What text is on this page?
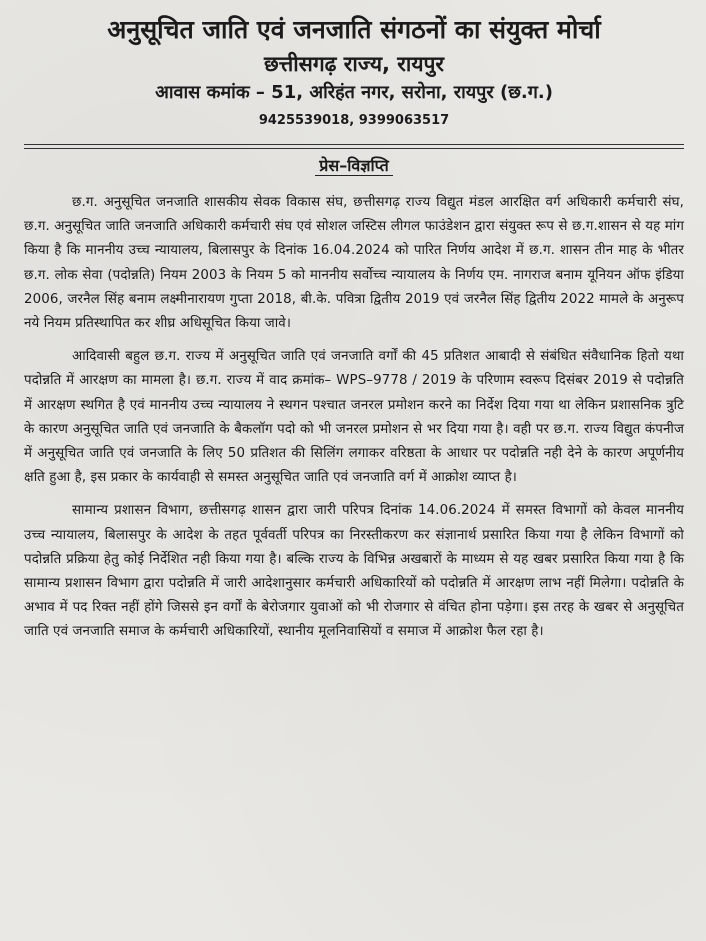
अनुसूचित जाति एवं जनजाति संगठनों का संयुक्त मोर्चा

छत्तीसगढ़ राज्य, रायपुर

आवास कमांक – 51, अरिहंत नगर, सरोना, रायपुर (छ.ग.)

9425539018, 9399063517

प्रेस–विज्ञप्ति

छ.ग. अनुसूचित जनजाति शासकीय सेवक विकास संघ, छत्तीसगढ़ राज्य विद्युत मंडल आरक्षित वर्ग अधिकारी कर्मचारी संघ, छ.ग. अनुसूचित जाति जनजाति अधिकारी कर्मचारी संघ एवं सोशल जस्टिस लीगल फाउंडेशन द्वारा संयुक्त रूप से छ.ग.शासन से यह मांग किया है कि माननीय उच्च न्यायालय, बिलासपुर के दिनांक 16.04.2024 को पारित निर्णय आदेश में छ.ग. शासन तीन माह के भीतर छ.ग. लोक सेवा (पदोन्नति) नियम 2003 के नियम 5 को माननीय सर्वोच्च न्यायालय के निर्णय एम. नागराज बनाम यूनियन ऑफ इंडिया 2006, जरनैल सिंह बनाम लक्ष्मीनारायण गुप्ता 2018, बी.के. पवित्रा द्वितीय 2019 एवं जरनैल सिंह द्वितीय 2022 मामले के अनुरूप नये नियम प्रतिस्थापित कर शीघ्र अधिसूचित किया जावे।

आदिवासी बहुल छ.ग. राज्य में अनुसूचित जाति एवं जनजाति वर्गों की 45 प्रतिशत आबादी से संबंधित संवैधानिक हितो यथा पदोन्नति में आरक्षण का मामला है। छ.ग. राज्य में वाद क्रमांक– WPS–9778 / 2019 के परिणाम स्वरूप दिसंबर 2019 से पदोन्नति में आरक्षण स्थगित है एवं माननीय उच्च न्यायालय ने स्थगन पश्चात जनरल प्रमोशन करने का निर्देश दिया गया था लेकिन प्रशासनिक त्रुटि के कारण अनुसूचित जाति एवं जनजाति के बैकलॉग पदो को भी जनरल प्रमोशन से भर दिया गया है। वही पर छ.ग. राज्य विद्युत कंपनीज में अनुसूचित जाति एवं जनजाति के लिए 50 प्रतिशत की सिलिंग लगाकर वरिष्ठता के आधार पर पदोन्नति नही देने के कारण अपूर्णनीय क्षति हुआ है, इस प्रकार के कार्यवाही से समस्त अनुसूचित जाति एवं जनजाति वर्ग में आक्रोश व्याप्त है।

सामान्य प्रशासन विभाग, छत्तीसगढ़ शासन द्वारा जारी परिपत्र दिनांक 14.06.2024 में समस्त विभागों को केवल माननीय उच्च न्यायालय, बिलासपुर के आदेश के तहत पूर्ववर्ती परिपत्र का निरस्तीकरण कर संज्ञानार्थ प्रसारित किया गया है लेकिन विभागों को पदोन्नति प्रक्रिया हेतु कोई निर्देशित नही किया गया है। बल्कि राज्य के विभिन्न अखबारों के माध्यम से यह खबर प्रसारित किया गया है कि सामान्य प्रशासन विभाग द्वारा पदोन्नति में जारी आदेशानुसार कर्मचारी अधिकारियों को पदोन्नति में आरक्षण लाभ नहीं मिलेगा। पदोन्नति के अभाव में पद रिक्त नहीं होंगे जिससे इन वर्गों के बेरोजगार युवाओं को भी रोजगार से वंचित होना पड़ेगा। इस तरह के खबर से अनुसूचित जाति एवं जनजाति समाज के कर्मचारी अधिकारियों, स्थानीय मूलनिवासियों व समाज में आक्रोश फैल रहा है।
